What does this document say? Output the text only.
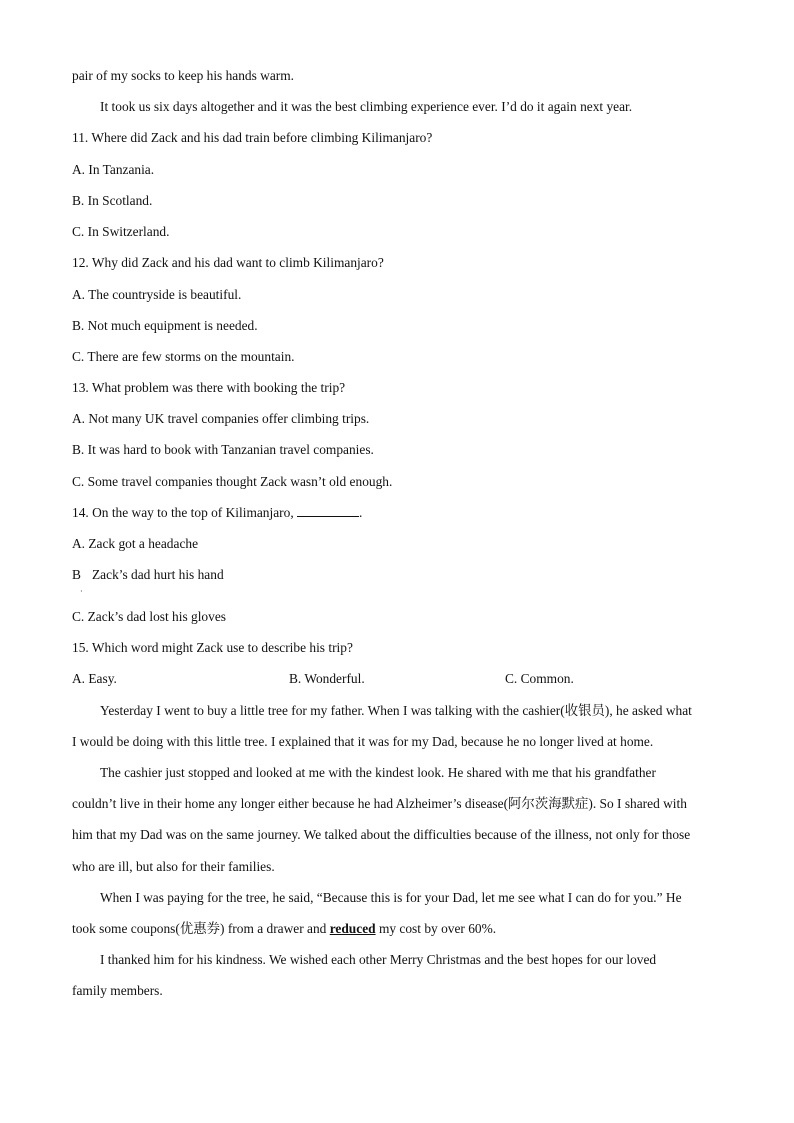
pair of my socks to keep his hands warm.
It took us six days altogether and it was the best climbing experience ever. I’d do it again next year.
11. Where did Zack and his dad train before climbing Kilimanjaro?
A. In Tanzania.
B. In Scotland.
C. In Switzerland.
12. Why did Zack and his dad want to climb Kilimanjaro?
A. The countryside is beautiful.
B. Not much equipment is needed.
C. There are few storms on the mountain.
13. What problem was there with booking the trip?
A. Not many UK travel companies offer climbing trips.
B. It was hard to book with Tanzanian travel companies.
C. Some travel companies thought Zack wasn’t old enough.
14. On the way to the top of Kilimanjaro,	.
A. Zack got a headache
B Zack’s dad hurt his hand
·
C. Zack’s dad lost his gloves
15. Which word might Zack use to describe his trip?
A. Easy.	B. Wonderful.	C. Common.
Yesterday I went to buy a little tree for my father. When I was talking with the cashier(收银员), he asked what
I would be doing with this little tree. I explained that it was for my Dad, because he no longer lived at home.
The cashier just stopped and looked at me with the kindest look. He shared with me that his grandfather
couldn’t live in their home any longer either because he had Alzheimer’s disease(阿尔茨海默症). So I shared with
him that my Dad was on the same journey. We talked about the difficulties because of the illness, not only for those
who are ill, but also for their families.
When I was paying for the tree, he said, “Because this is for your Dad, let me see what I can do for you.” He
took some coupons(优惠券) from a drawer and reduced my cost by over 60%.
I thanked him for his kindness. We wished each other Merry Christmas and the best hopes for our loved
family members.
